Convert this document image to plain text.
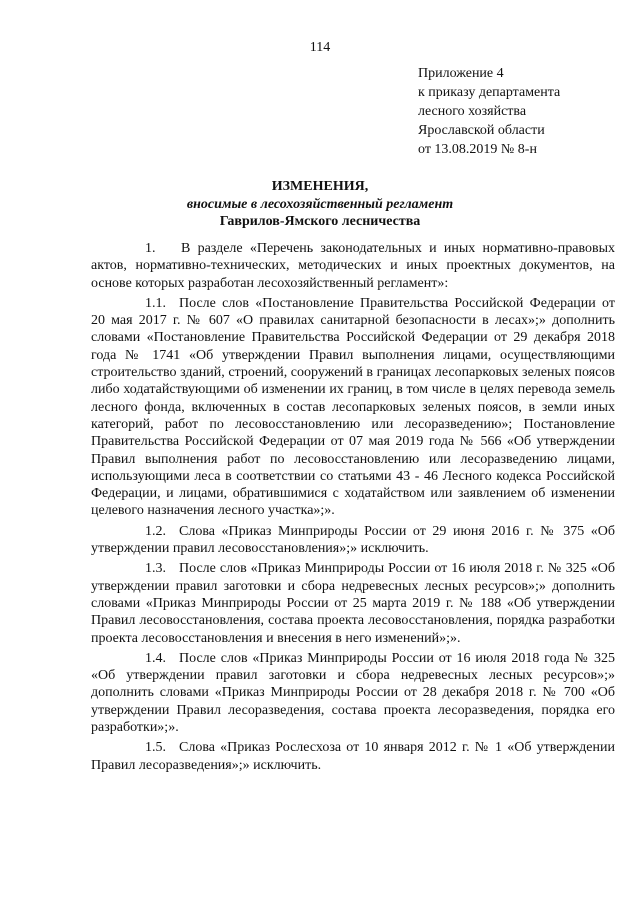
114
Приложение 4
к приказу департамента
лесного хозяйства
Ярославской области
от 13.08.2019 № 8-н
ИЗМЕНЕНИЯ,
вносимые в лесохозяйственный регламент
Гаврилов-Ямского лесничества

1. В разделе «Перечень законодательных и иных нормативно-правовых актов, нормативно-технических, методических и иных проектных документов, на основе которых разработан лесохозяйственный регламент»:

1.1. После слов «Постановление Правительства Российской Федерации от 20 мая 2017 г. № 607 «О правилах санитарной безопасности в лесах»;» дополнить словами «Постановление Правительства Российской Федерации от 29 декабря 2018 года № 1741 «Об утверждении Правил выполнения лицами, осуществляющими строительство зданий, строений, сооружений в границах лесопарковых зеленых поясов либо ходатайствующими об изменении их границ, в том числе в целях перевода земель лесного фонда, включенных в состав лесопарковых зеленых поясов, в земли иных категорий, работ по лесовосстановлению или лесоразведению»; Постановление Правительства Российской Федерации от 07 мая 2019 года № 566 «Об утверждении Правил выполнения работ по лесовосстановлению или лесоразведению лицами, использующими леса в соответствии со статьями 43 - 46 Лесного кодекса Российской Федерации, и лицами, обратившимися с ходатайством или заявлением об изменении целевого назначения лесного участка»;».

1.2. Слова «Приказ Минприроды России от 29 июня 2016 г. № 375 «Об утверждении правил лесовосстановления»;» исключить.

1.3. После слов «Приказ Минприроды России от 16 июля 2018 г. № 325 «Об утверждении правил заготовки и сбора недревесных лесных ресурсов»;» дополнить словами «Приказ Минприроды России от 25 марта 2019 г. № 188 «Об утверждении Правил лесовосстановления, состава проекта лесовосстановления, порядка разработки проекта лесовосстановления и внесения в него изменений»;».

1.4. После слов «Приказ Минприроды России от 16 июля 2018 года № 325 «Об утверждении правил заготовки и сбора недревесных лесных ресурсов»;» дополнить словами «Приказ Минприроды России от 28 декабря 2018 г. № 700 «Об утверждении Правил лесоразведения, состава проекта лесоразведения, порядка его разработки»;».

1.5. Слова «Приказ Рослесхоза от 10 января 2012 г. № 1 «Об утверждении Правил лесоразведения»;» исключить.
